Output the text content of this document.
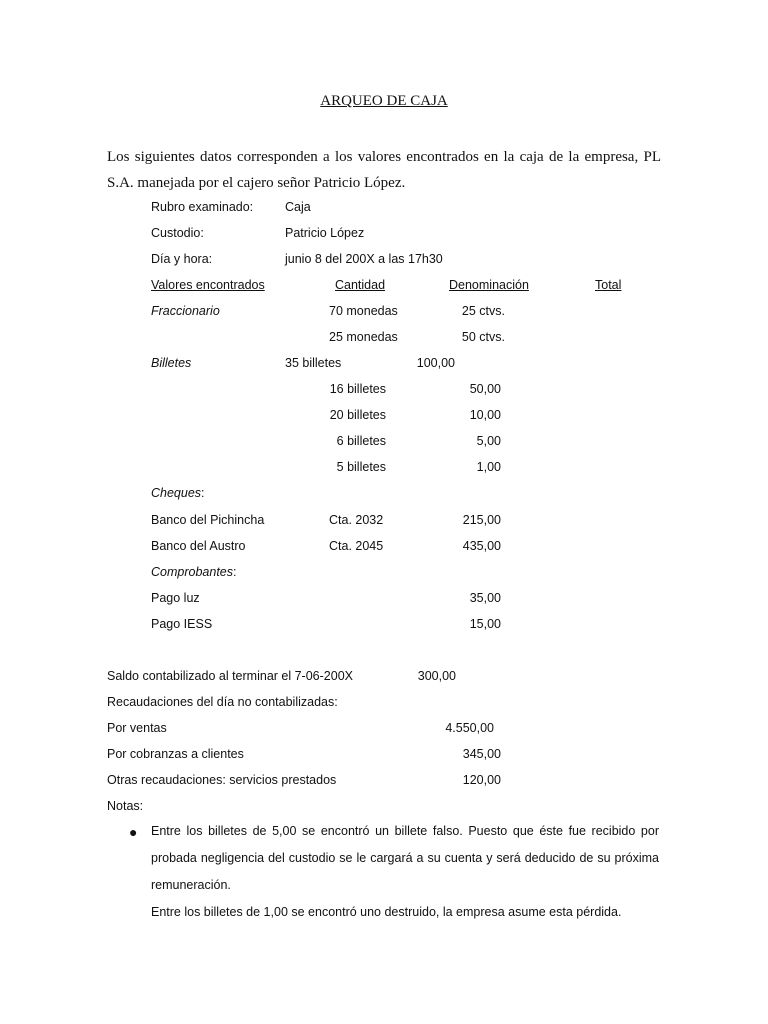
ARQUEO DE CAJA
Los siguientes datos corresponden a los valores encontrados en la caja de la empresa, PL S.A. manejada por el cajero señor Patricio López.
Rubro examinado:	Caja
Custodio:	Patricio López
Día y hora:	junio 8 del 200X a las 17h30
Valores encontrados	Cantidad	Denominación	Total
Fraccionario	70 monedas	25 ctvs.
25 monedas	50 ctvs.
Billetes	35 billetes	100,00
16 billetes	50,00
20 billetes	10,00
6 billetes	5,00
5 billetes	1,00
Cheques:
Banco del Pichincha	Cta. 2032	215,00
Banco del Austro	Cta. 2045	435,00
Comprobantes:
Pago luz	35,00
Pago IESS	15,00
Saldo contabilizado al terminar el 7-06-200X	300,00
Recaudaciones del día no contabilizadas:
Por ventas	4.550,00
Por cobranzas a clientes	345,00
Otras recaudaciones: servicios prestados	120,00
Notas:
● Entre los billetes de 5,00 se encontró un billete falso. Puesto que éste fue recibido por probada negligencia del custodio se le cargará a su cuenta y será deducido de su próxima remuneración.
Entre los billetes de 1,00 se encontró uno destruido, la empresa asume esta pérdida.
